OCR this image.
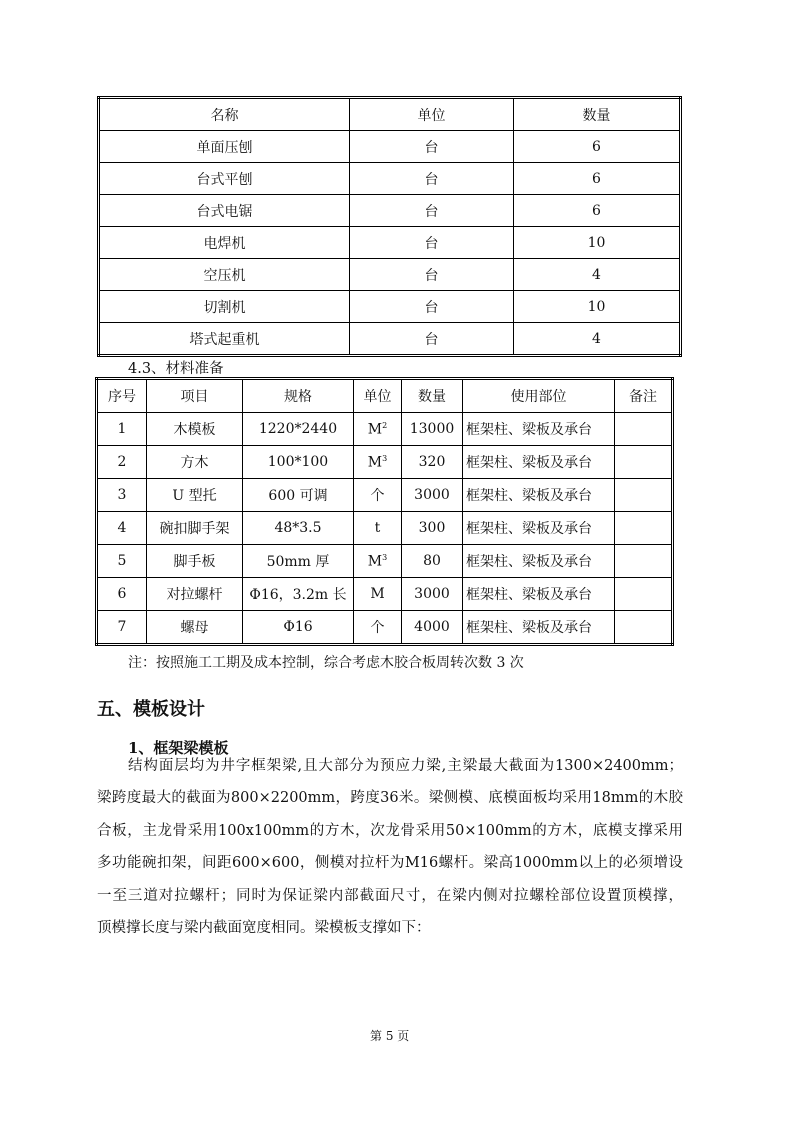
名称	单位	数量
单面压刨	台	6
台式平刨	台	6
台式电锯	台	6
电焊机	台	10
空压机	台	4
切割机	台	10
塔式起重机	台	4
4.3、材料准备
序号	项目	规格	单位	数量	使用部位	备注
1	木模板	1220*2440	$M^2$	13000	框架柱、梁板及承台	
2	方木	100*100	$M^3$	320	框架柱、梁板及承台	
3	U 型托	600 可调	个	3000	框架柱、梁板及承台	
4	碗扣脚手架	48*3.5	t	300	框架柱、梁板及承台	
5	脚手板	50mm 厚	$M^3$	80	框架柱、梁板及承台	
6	对拉螺杆	Φ16，3.2m 长	M	3000	框架柱、梁板及承台	
7	螺母	Φ16	个	4000	框架柱、梁板及承台	
注：按照施工工期及成本控制，综合考虑木胶合板周转次数 3 次
五、模板设计
1、框架梁模板
结构面层均为井字框架梁,且大部分为预应力梁,主梁最大截面为1300×2400mm；
梁跨度最大的截面为800×2200mm，跨度36米。梁侧模、底模面板均采用18mm的木胶
合板，主龙骨采用100x100mm的方木，次龙骨采用50×100mm的方木，底模支撑采用
多功能碗扣架，间距600×600，侧模对拉杆为M16螺杆。梁高1000mm以上的必须增设
一至三道对拉螺杆；同时为保证梁内部截面尺寸，在梁内侧对拉螺栓部位设置顶模撑，
顶模撑长度与梁内截面宽度相同。梁模板支撑如下：
第 5 页
